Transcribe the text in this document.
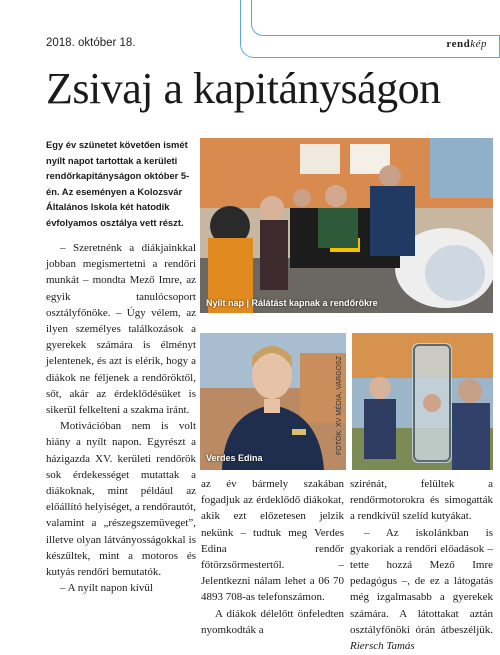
2018. október 18.	rendkép
Zsivaj a kapitányságon
Egy év szünetet követően ismét nyílt napot tartottak a kerületi rendőrkapitányságon október 5-én. Az eseményen a Kolozsvár Általános Iskola két hatodik évfolyamos osztálya vett részt.

– Szeretnénk a diákjainkkal jobban megismertetni a rendőri munkát – mondta Mező Imre, az egyik tanulócsoport osztályfőnöke. – Úgy vélem, az ilyen személyes találkozások a gyerekek számára is élményt jelentenek, és azt is elérik, hogy a diákok ne féljenek a rendőröktől, sőt, akár az érdeklődésüket is sikerül felkelteni a szakma iránt.

Motivációban nem is volt hiány a nyílt napon. Egyrészt a házigazda XV. kerületi rendőrök sok érdekességet mutattak a diákoknak, mint például az előállító helyiséget, a rendőrautót, valamint a „részegszemüveget”, illetve olyan látványosságokkal is készültek, mint a motoros és kutyás rendőri bemutatók.

– A nyílt napon kívül

az év bármely szakában fogadjuk az érdeklődő diákokat, akik ezt előzetesen jelzik nekünk – tudtuk meg Verdes Edina rendőr főtörzsőrmestertől. – Jelentkezni nálam lehet a 06 70 4893 708-as telefonszámon.

A diákok délelőtt önfeledten nyomkodták a

szirénát, felültek a rendőrmotorokra és simogatták a rendkívül szelíd kutyákat.

– Az iskolánkban is gyakoriak a rendőri előadások – tette hozzá Mező Imre pedagógus –, de ez a látogatás még izgalmasabb a gyerekek számára. A látottakat aztán osztályfőnöki órán átbeszéljük. Riersch Tamás

Nyílt nap | Rálátást kapnak a rendőrökre
Verdes Edina
FOTÓK: XV MÉDIA, VARGOSZ
